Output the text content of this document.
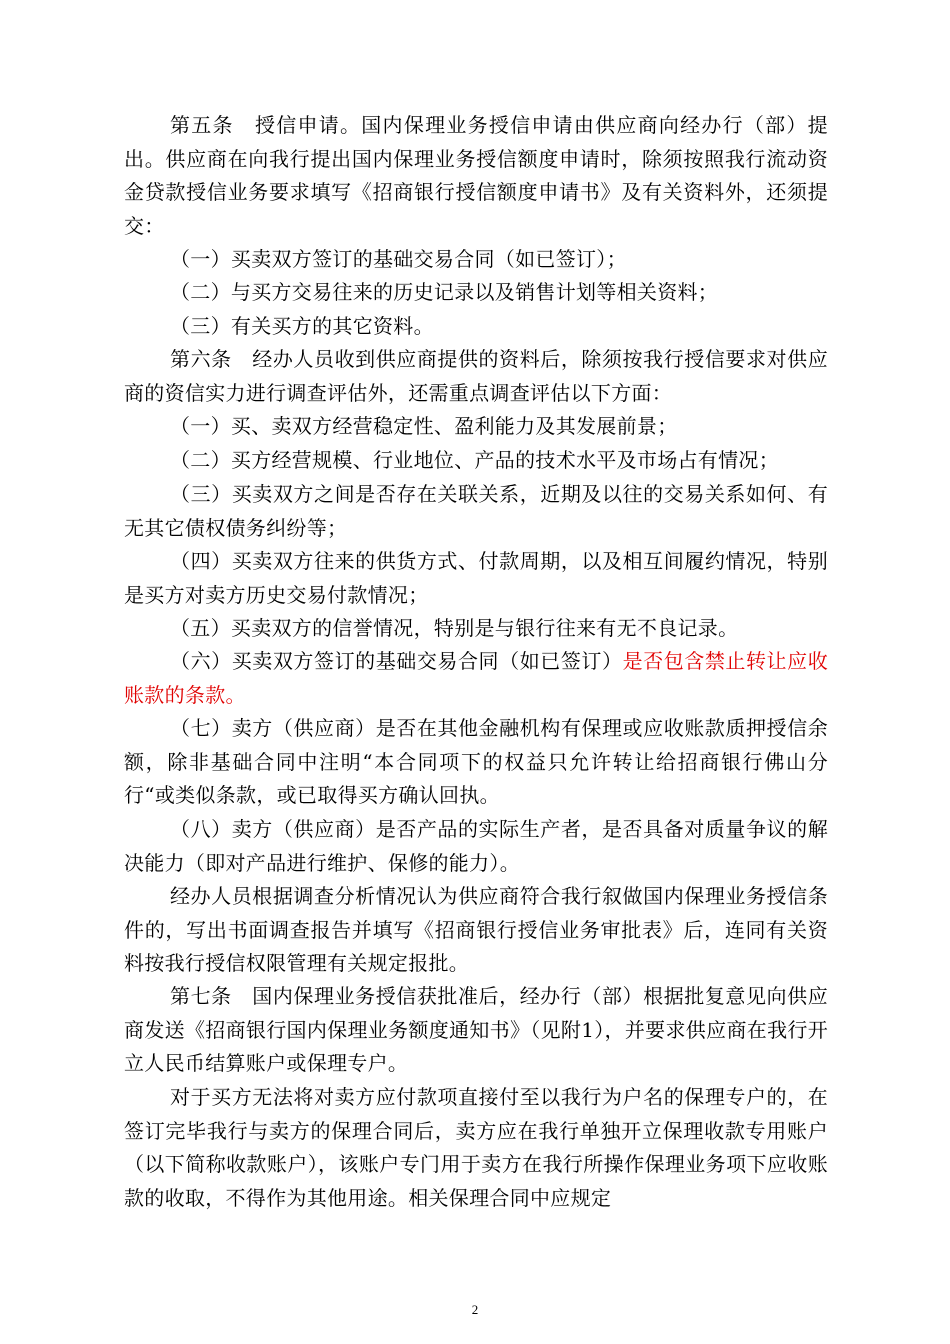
第五条　授信申请。国内保理业务授信申请由供应商向经办行（部）提出。供应商在向我行提出国内保理业务授信额度申请时，除须按照我行流动资金贷款授信业务要求填写《招商银行授信额度申请书》及有关资料外，还须提交：
（一）买卖双方签订的基础交易合同（如已签订）；
（二）与买方交易往来的历史记录以及销售计划等相关资料；
（三）有关买方的其它资料。
第六条　经办人员收到供应商提供的资料后，除须按我行授信要求对供应商的资信实力进行调查评估外，还需重点调查评估以下方面：
（一）买、卖双方经营稳定性、盈利能力及其发展前景；
（二）买方经营规模、行业地位、产品的技术水平及市场占有情况；
（三）买卖双方之间是否存在关联关系，近期及以往的交易关系如何、有无其它债权债务纠纷等；
（四）买卖双方往来的供货方式、付款周期，以及相互间履约情况，特别是买方对卖方历史交易付款情况；
（五）买卖双方的信誉情况，特别是与银行往来有无不良记录。
（六）买卖双方签订的基础交易合同（如已签订）是否包含禁止转让应收账款的条款。
（七）卖方（供应商）是否在其他金融机构有保理或应收账款质押授信余额，除非基础合同中注明“本合同项下的权益只允许转让给招商银行佛山分行“或类似条款，或已取得买方确认回执。
（八）卖方（供应商）是否产品的实际生产者，是否具备对质量争议的解决能力（即对产品进行维护、保修的能力）。
经办人员根据调查分析情况认为供应商符合我行叙做国内保理业务授信条件的，写出书面调查报告并填写《招商银行授信业务审批表》后，连同有关资料按我行授信权限管理有关规定报批。
第七条　国内保理业务授信获批准后，经办行（部）根据批复意见向供应商发送《招商银行国内保理业务额度通知书》（见附1），并要求供应商在我行开立人民币结算账户或保理专户。
对于买方无法将对卖方应付款项直接付至以我行为户名的保理专户的，在签订完毕我行与卖方的保理合同后，卖方应在我行单独开立保理收款专用账户（以下简称收款账户），该账户专门用于卖方在我行所操作保理业务项下应收账款的收取，不得作为其他用途。相关保理合同中应规定
2
